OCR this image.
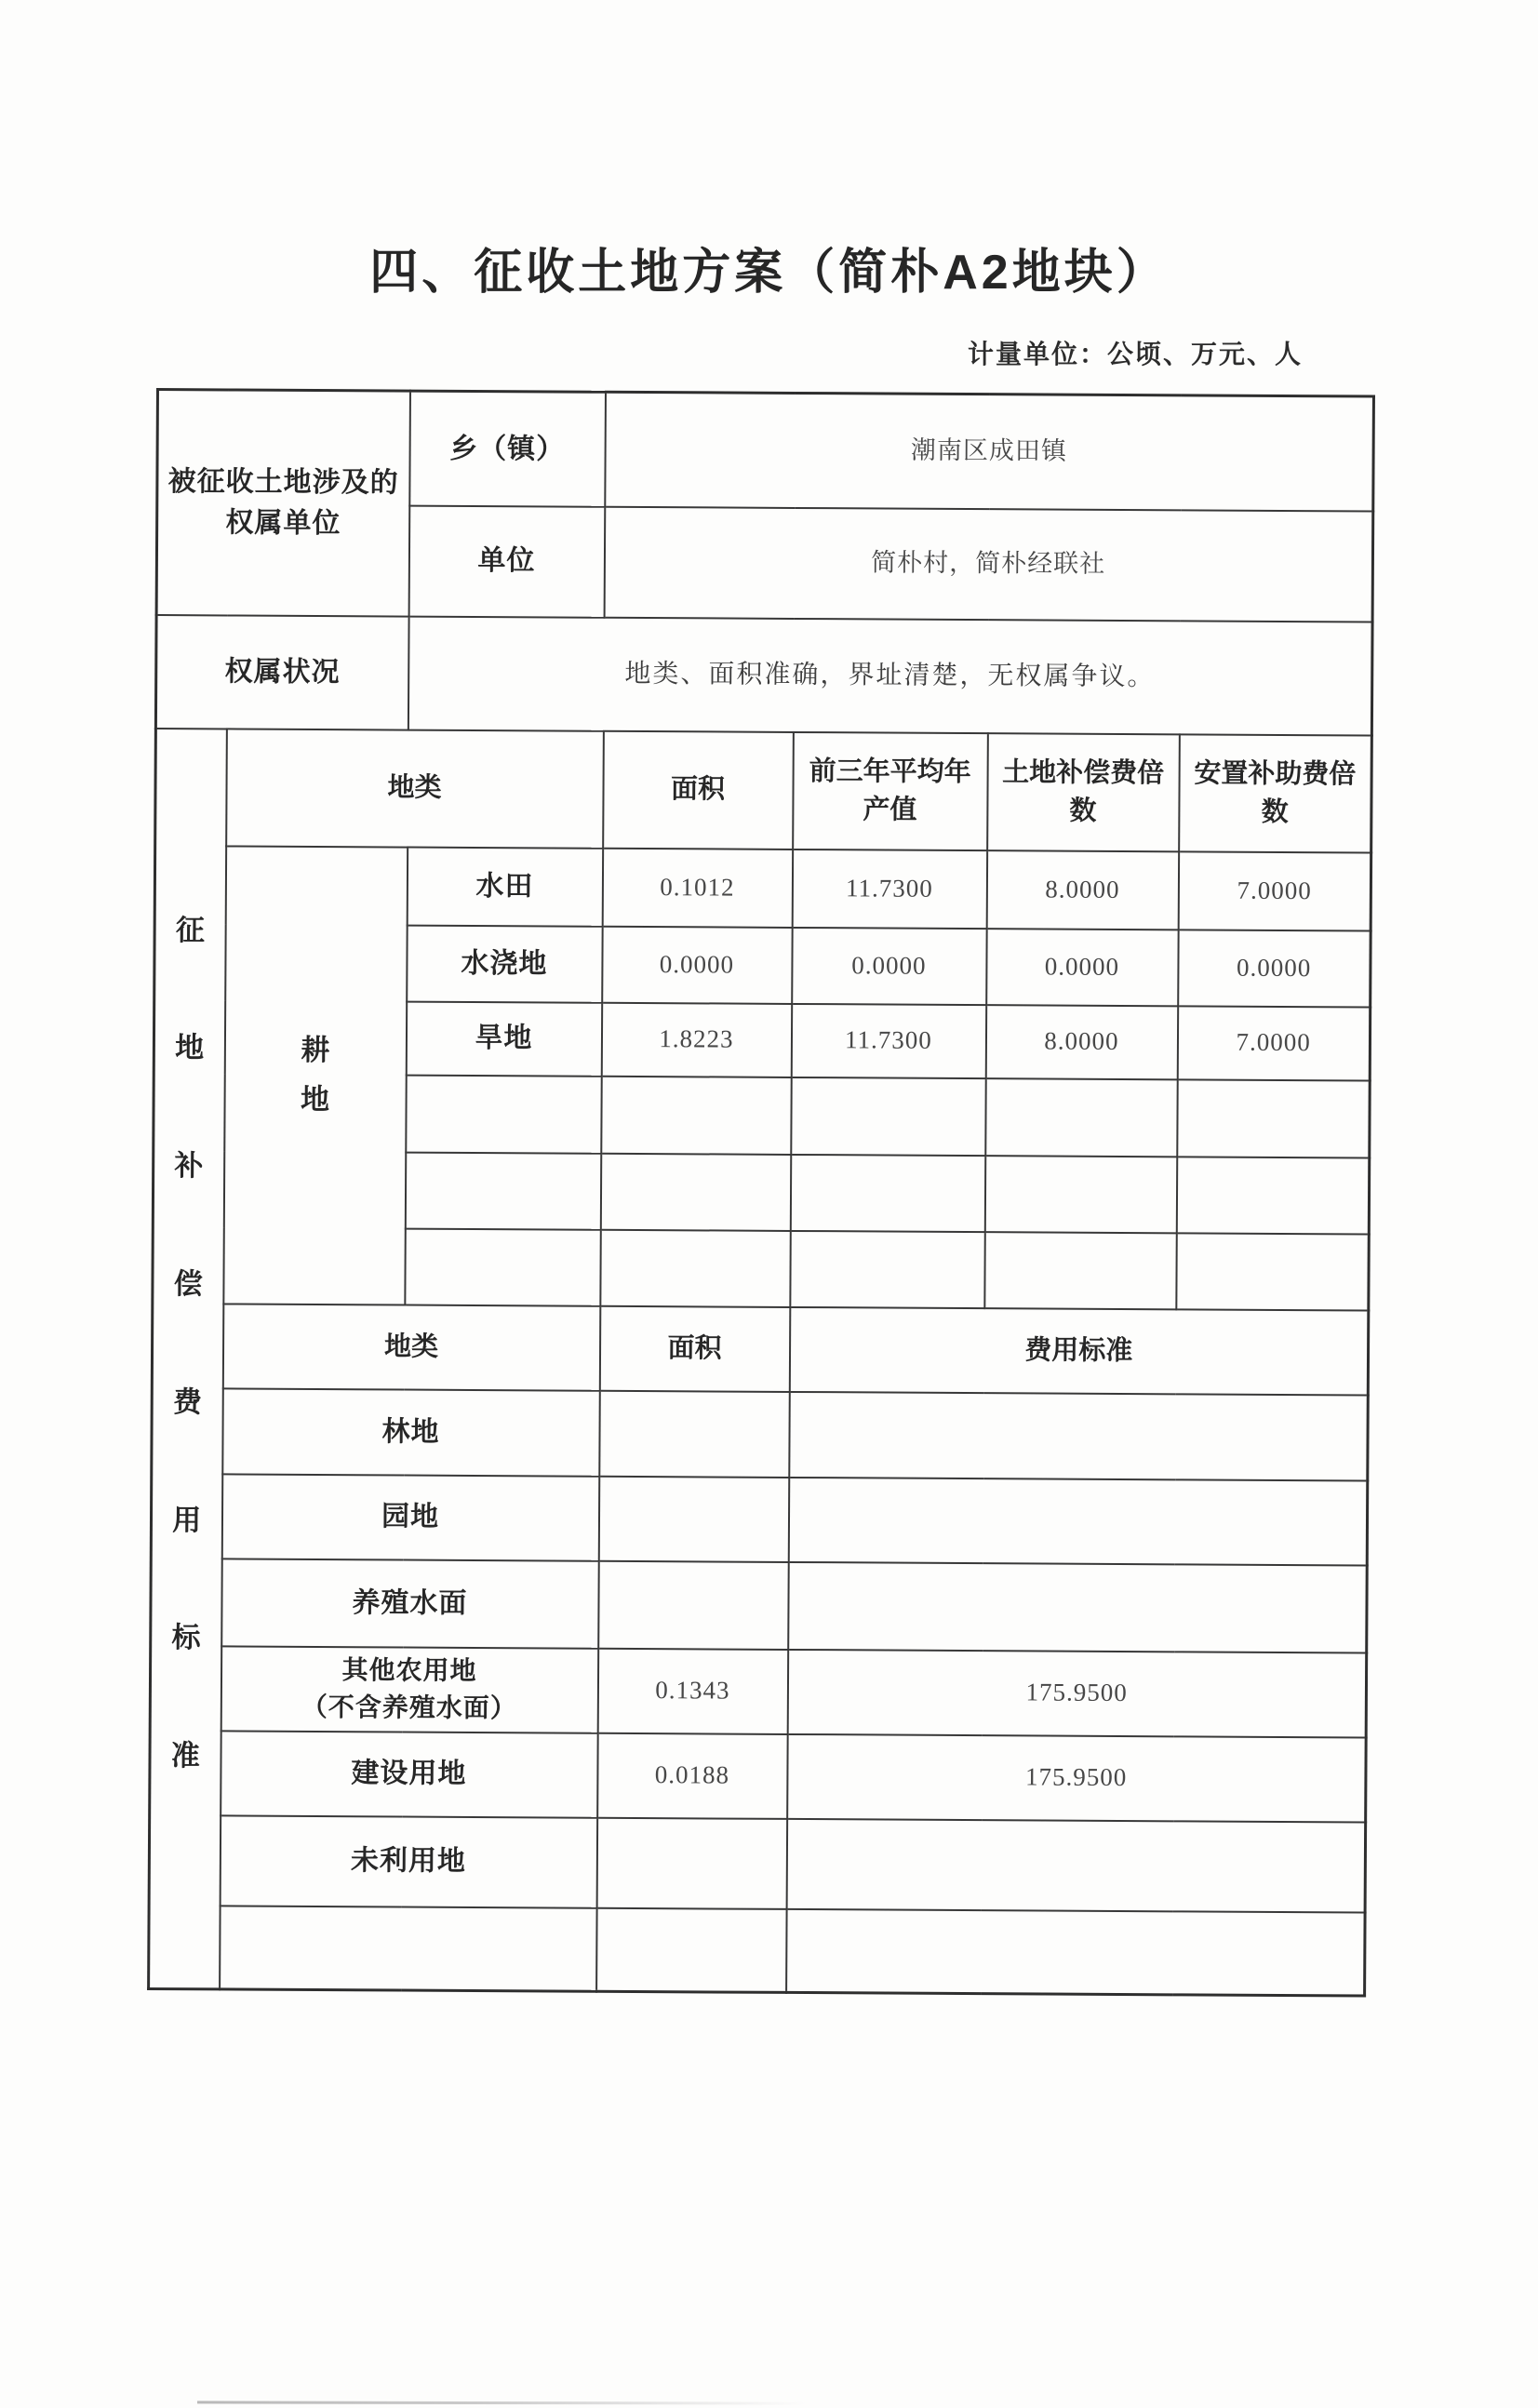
四、征收土地方案（简朴A2地块）
计量单位：公顷、万元、人
被征收土地涉及的
权属单位		乡（镇）	潮南区成田镇			
		单位	简朴村，简朴经联社			
权属状况		地类、面积准确，界址清楚，无权属争议。				

征
地
补
偿
费
用
标
准

	地类	面积	前三年平均年产值	土地补偿费倍数	安置补助费倍数
	耕
地	水田	0.1012	11.7300	8.0000	7.0000
		水浇地	0.0000	0.0000	0.0000	0.0000
		旱地	1.8223	11.7300	8.0000	7.0000

	地类		面积	费用标准		
	林地					
	园地					
	养殖水面					
	其他农用地
（不含养殖水面）		0.1343	175.9500		
	建设用地		0.0188	175.9500		
	未利用地					
